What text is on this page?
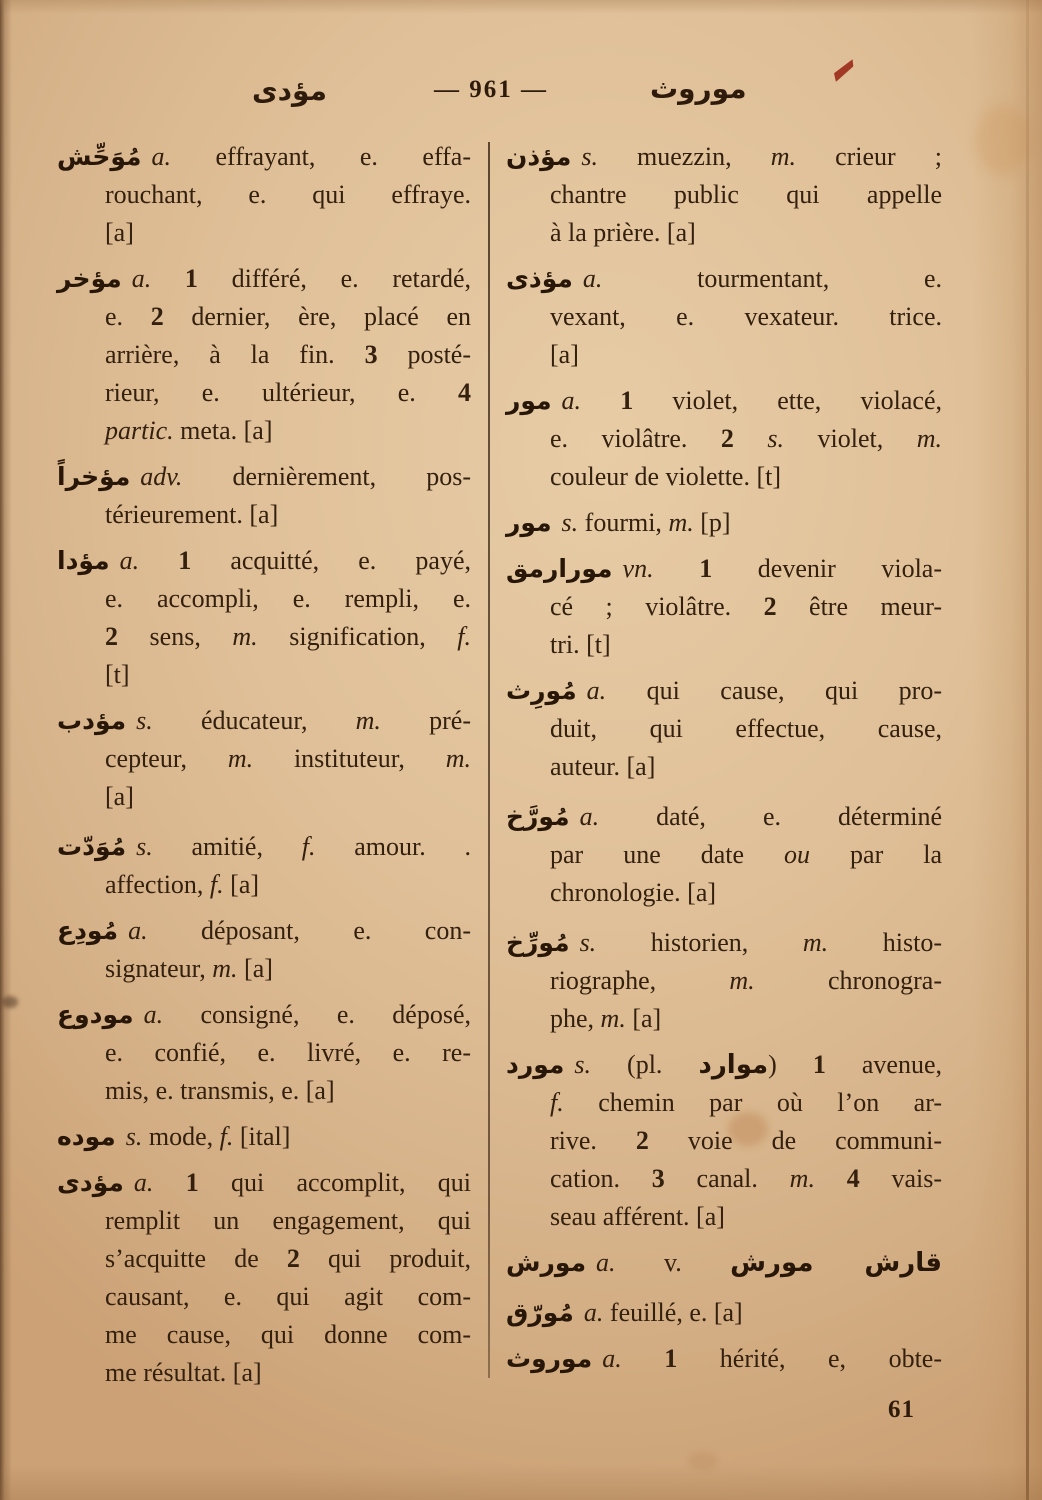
مؤدى	— 961 —	موروث
مُوَحِّش a. effrayant, e. effa-
rouchant, e. qui effraye.
[a]
مؤخر a. 1 différé, e. retardé,
e. 2 dernier, ère, placé en
arrière, à la fin. 3 posté-
rieur, e. ultérieur, e. 4
partic. meta. [a]
مؤخراً adv. dernièrement, pos-
térieurement. [a]
مؤدا a. 1 acquitté, e. payé,
e. accompli, e. rempli, e.
2 sens, m. signification, f.
[t]
مؤدب s. éducateur, m. pré-
cepteur, m. instituteur, m.
[a]
مُوَدّت s. amitié, f. amour. .
affection, f. [a]
مُودِع a. déposant, e. con-
signateur, m. [a]
مودوع a. consigné, e. déposé,
e. confié, e. livré, e. re-
mis, e. transmis, e. [a]
موده s. mode, f. [ital]
مؤدى a. 1 qui accomplit, qui
remplit un engagement, qui
s’acquitte de 2 qui produit,
causant, e. qui agit com-
me cause, qui donne com-
me résultat. [a]
مؤذن s. muezzin, m. crieur ;
chantre public qui appelle
à la prière. [a]
مؤذى a. tourmentant, e.
vexant, e. vexateur. trice.
[a]
مور a. 1 violet, ette, violacé,
e. violâtre. 2 s. violet, m.
couleur de violette. [t]
مور s. fourmi, m. [p]
مورارمق vn. 1 devenir viola-
cé ; violâtre. 2 être meur-
tri. [t]
مُورِث a. qui cause, qui pro-
duit, qui effectue, cause,
auteur. [a]
مُورَّخ a. daté, e. déterminé
par une date ou par la
chronologie. [a]
مُورِّخ s. historien, m. histo-
riographe, m. chronogra-
phe, m. [a]
مورد s. (pl. موارد) 1 avenue,
f. chemin par où l’on ar-
rive. 2 voie de communi-
cation. 3 canal. m. 4 vais-
seau afférent. [a]
مورش a. v. قارش مورش
مُورّق a. feuillé, e. [a]
موروث a. 1 hérité, e, obte-
61
